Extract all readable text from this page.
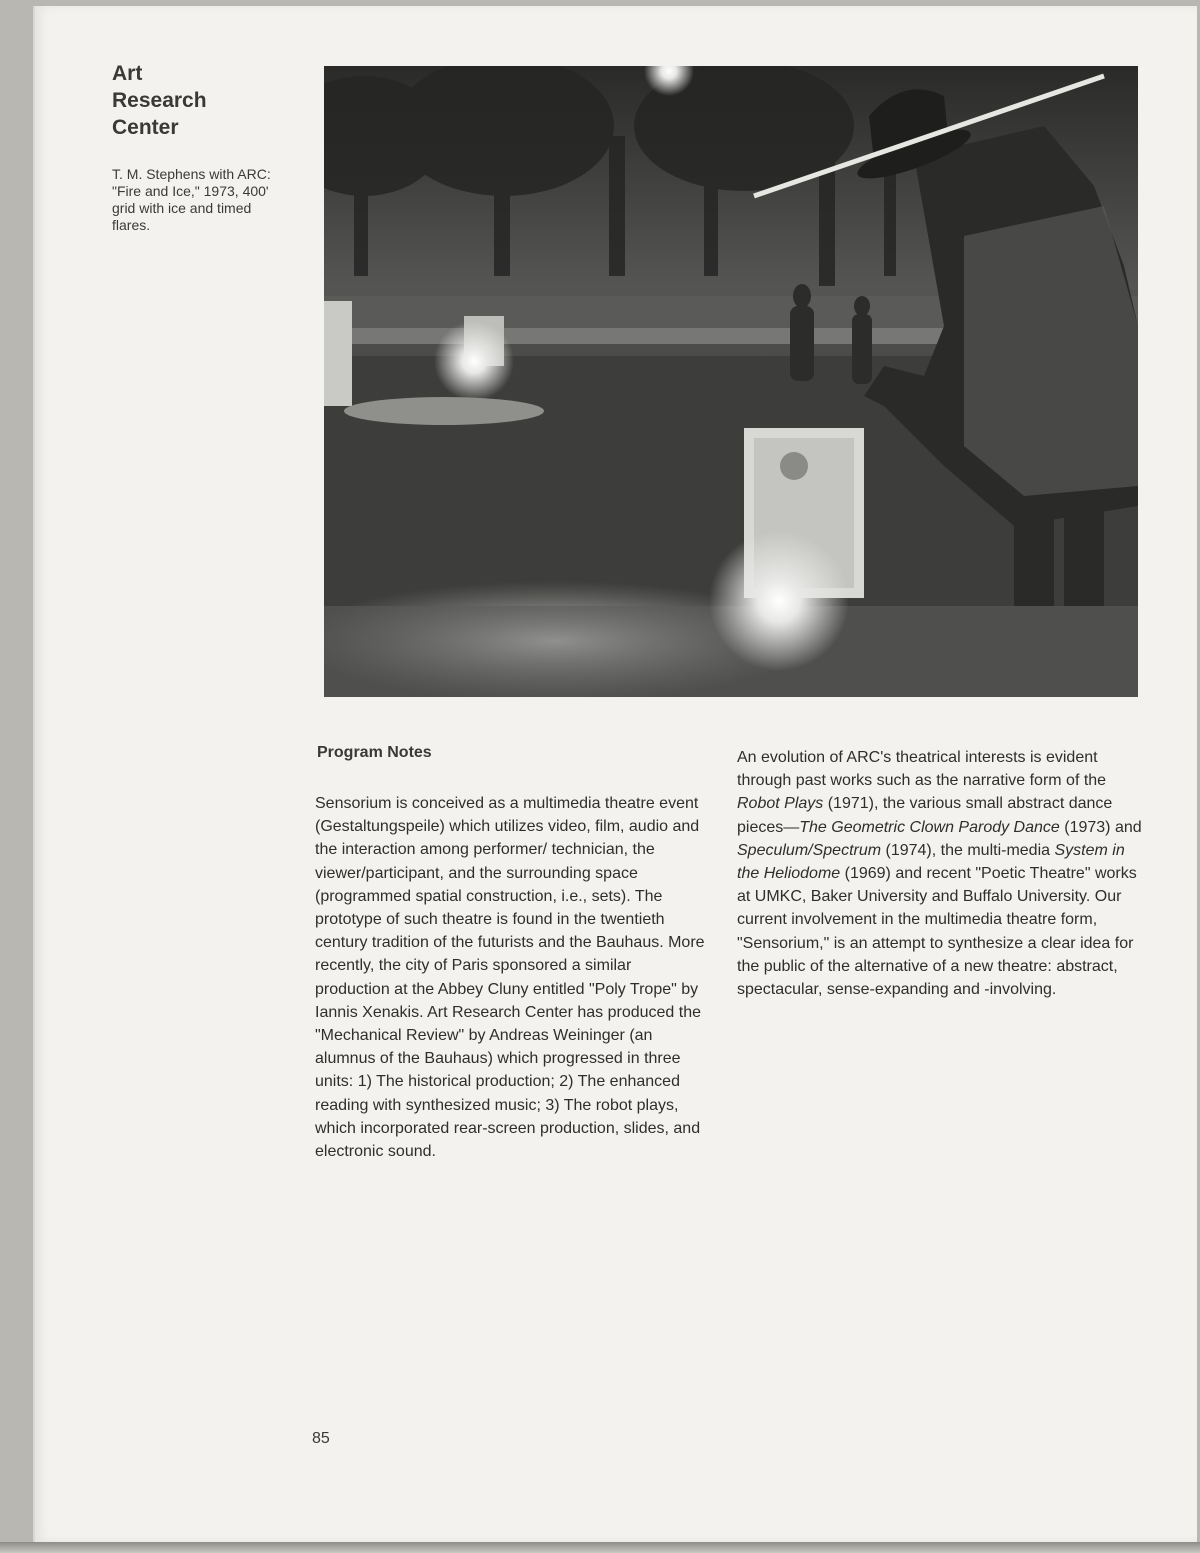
Art
Research
Center

T. M. Stephens with ARC: "Fire and Ice," 1973, 400' grid with ice and timed flares.

Program Notes

Sensorium is conceived as a multimedia theatre event (Gestaltungspeile) which utilizes video, film, audio and the interaction among performer/ technician, the viewer/participant, and the surrounding space (programmed spatial construction, i.e., sets). The prototype of such theatre is found in the twentieth century tradition of the futurists and the Bauhaus. More recently, the city of Paris sponsored a similar production at the Abbey Cluny entitled "Poly Trope" by Iannis Xenakis. Art Research Center has produced the "Mechanical Review" by Andreas Weininger (an alumnus of the Bauhaus) which progressed in three units: 1) The historical production; 2) The enhanced reading with synthesized music; 3) The robot plays, which incorporated rear-screen production, slides, and electronic sound.

An evolution of ARC's theatrical interests is evident through past works such as the narrative form of the Robot Plays (1971), the various small abstract dance pieces—The Geometric Clown Parody Dance (1973) and Speculum/Spectrum (1974), the multi-media System in the Heliodome (1969) and recent "Poetic Theatre" works at UMKC, Baker University and Buffalo University. Our current involvement in the multimedia theatre form, "Sensorium," is an attempt to synthesize a clear idea for the public of the alternative of a new theatre: abstract, spectacular, sense-expanding and -involving.

85
